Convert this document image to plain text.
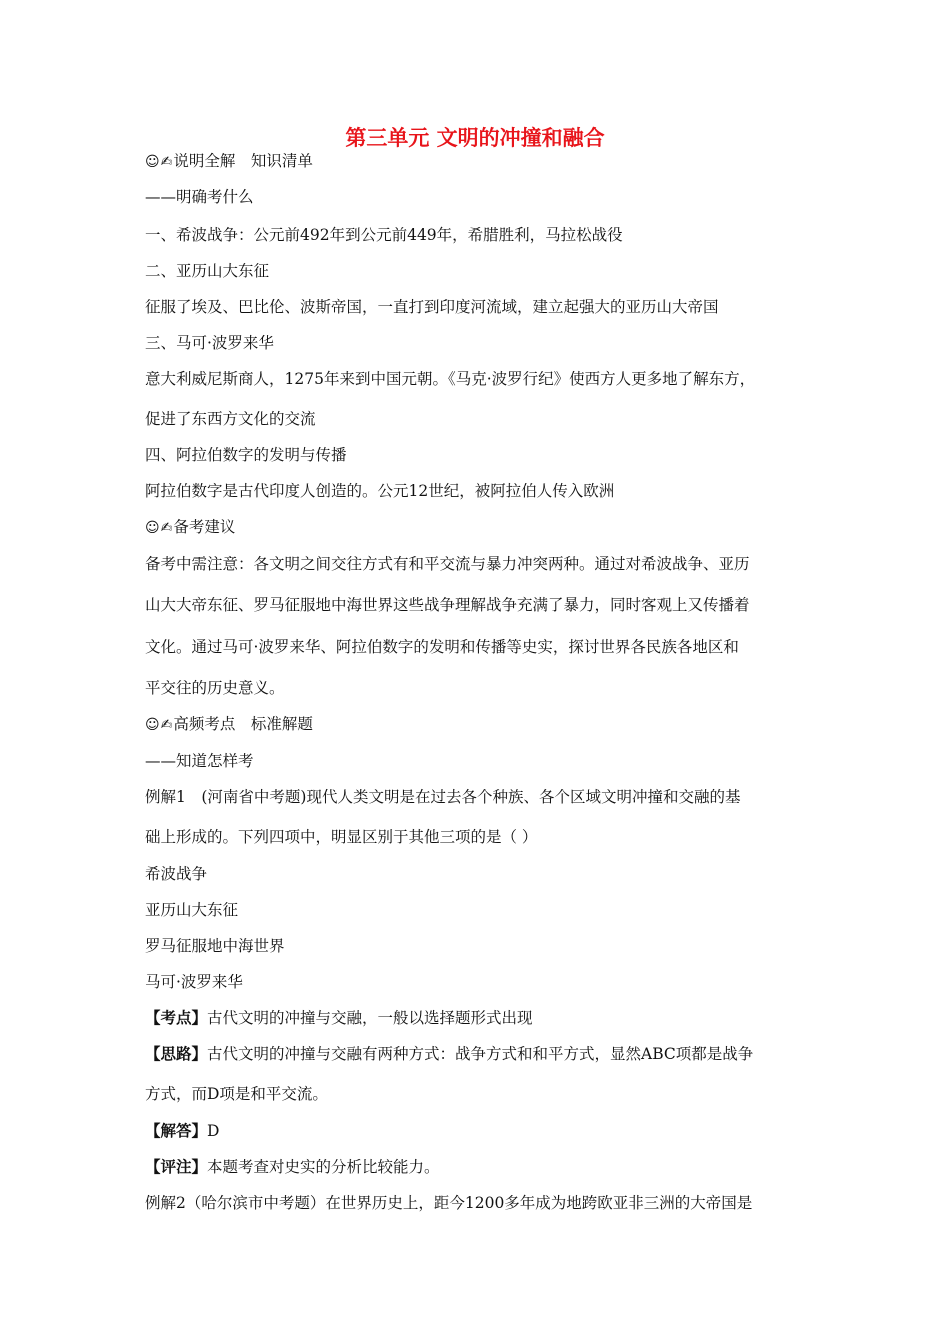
第三单元 文明的冲撞和融合
☺✍说明全解　知识清单
——明确考什么
一、希波战争：公元前492年到公元前449年，希腊胜利，马拉松战役
二、亚历山大东征
征服了埃及、巴比伦、波斯帝国，一直打到印度河流域，建立起强大的亚历山大帝国
三、马可·波罗来华
意大利威尼斯商人，1275年来到中国元朝。《马克·波罗行纪》使西方人更多地了解东方，
促进了东西方文化的交流
四、阿拉伯数字的发明与传播
阿拉伯数字是古代印度人创造的。公元12世纪，被阿拉伯人传入欧洲
☺✍备考建议
备考中需注意：各文明之间交往方式有和平交流与暴力冲突两种。通过对希波战争、亚历
山大大帝东征、罗马征服地中海世界这些战争理解战争充满了暴力，同时客观上又传播着
文化。通过马可·波罗来华、阿拉伯数字的发明和传播等史实，探讨世界各民族各地区和
平交往的历史意义。
☺✍高频考点　标准解题
——知道怎样考
例解1　(河南省中考题)现代人类文明是在过去各个种族、各个区域文明冲撞和交融的基
础上形成的。下列四项中，明显区别于其他三项的是（ ）
希波战争
亚历山大东征
罗马征服地中海世界
马可·波罗来华
【考点】古代文明的冲撞与交融，一般以选择题形式出现
【思路】古代文明的冲撞与交融有两种方式：战争方式和和平方式，显然ABC项都是战争
方式，而D项是和平交流。
【解答】D
【评注】本题考查对史实的分析比较能力。
例解2（哈尔滨市中考题）在世界历史上，距今1200多年成为地跨欧亚非三洲的大帝国是
